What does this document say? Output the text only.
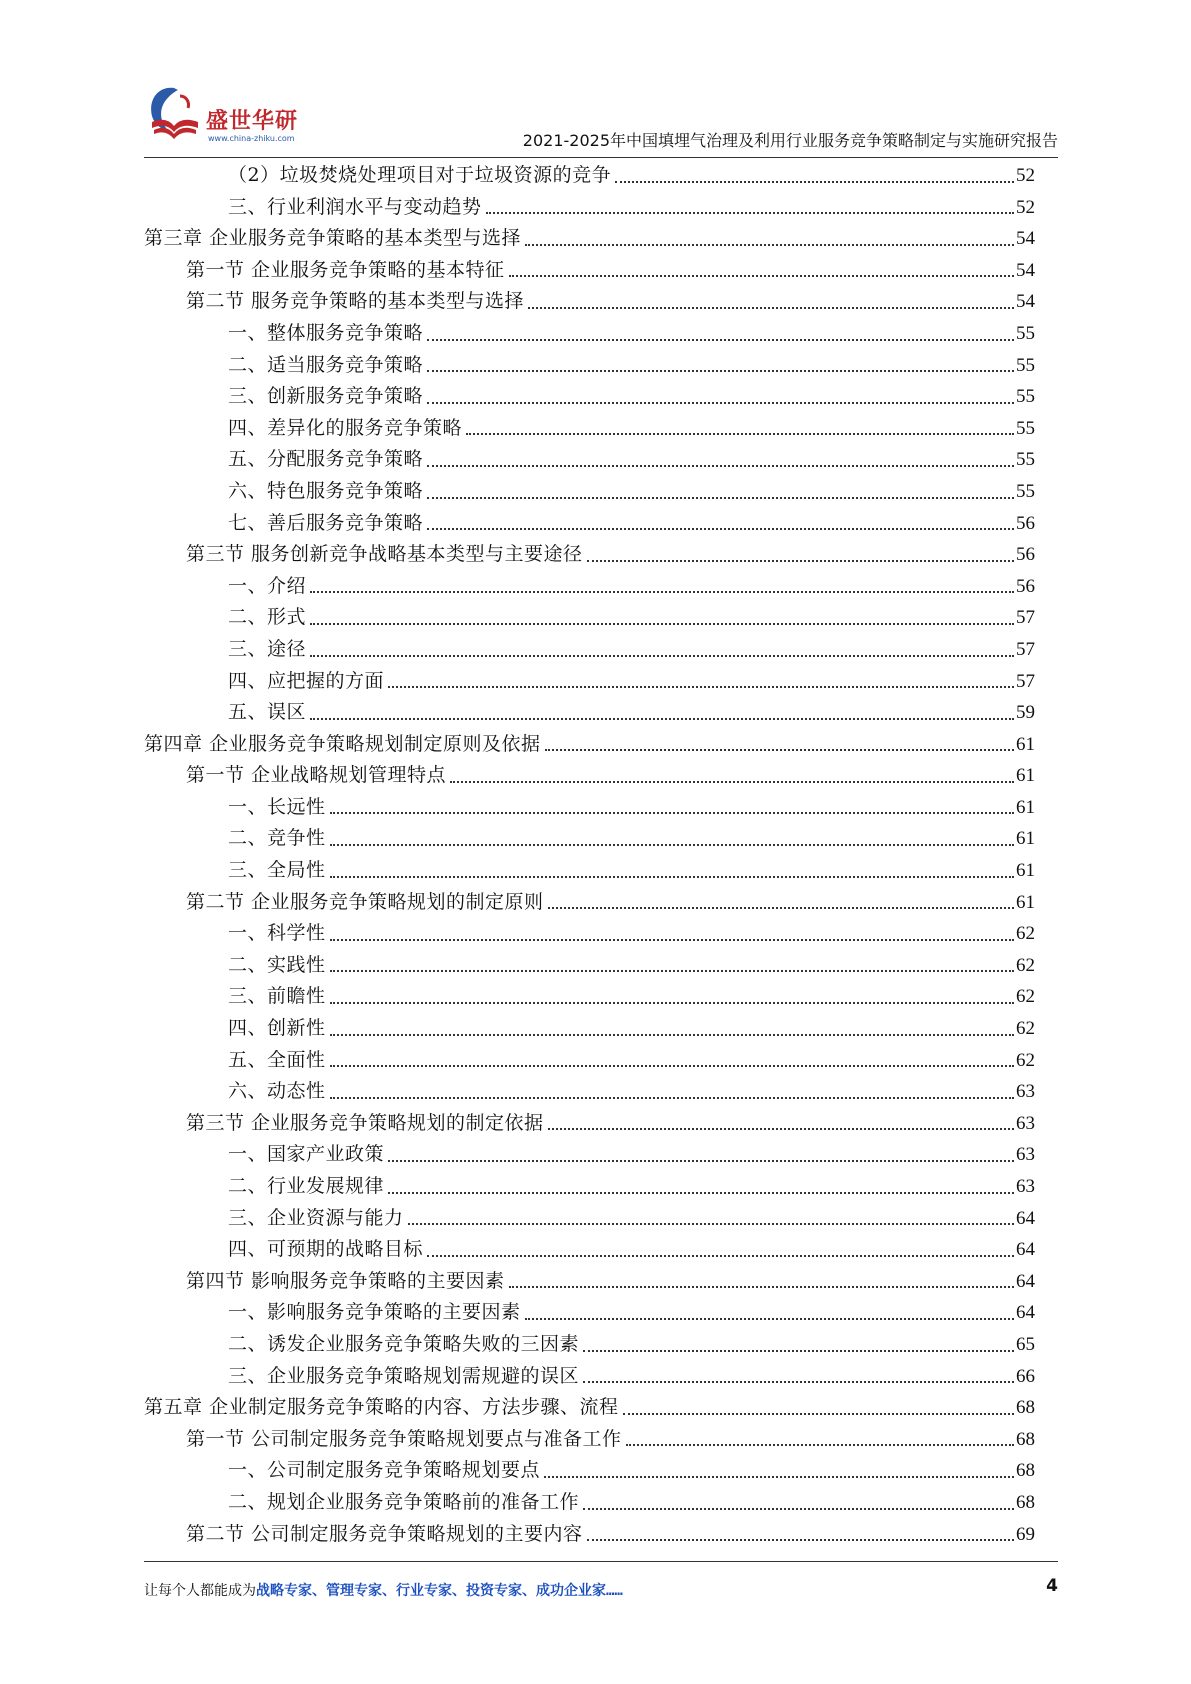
盛世华研
www.china-zhiku.com	2021-2025年中国填埋气治理及利用行业服务竞争策略制定与实施研究报告
（2）垃圾焚烧处理项目对于垃圾资源的竞争	52
三、行业利润水平与变动趋势	52
第三章 企业服务竞争策略的基本类型与选择	54
第一节 企业服务竞争策略的基本特征	54
第二节 服务竞争策略的基本类型与选择	54
一、整体服务竞争策略	55
二、适当服务竞争策略	55
三、创新服务竞争策略	55
四、差异化的服务竞争策略	55
五、分配服务竞争策略	55
六、特色服务竞争策略	55
七、善后服务竞争策略	56
第三节 服务创新竞争战略基本类型与主要途径	56
一、介绍	56
二、形式	57
三、途径	57
四、应把握的方面	57
五、误区	59
第四章 企业服务竞争策略规划制定原则及依据	61
第一节 企业战略规划管理特点	61
一、长远性	61
二、竞争性	61
三、全局性	61
第二节 企业服务竞争策略规划的制定原则	61
一、科学性	62
二、实践性	62
三、前瞻性	62
四、创新性	62
五、全面性	62
六、动态性	63
第三节 企业服务竞争策略规划的制定依据	63
一、国家产业政策	63
二、行业发展规律	63
三、企业资源与能力	64
四、可预期的战略目标	64
第四节 影响服务竞争策略的主要因素	64
一、影响服务竞争策略的主要因素	64
二、诱发企业服务竞争策略失败的三因素	65
三、企业服务竞争策略规划需规避的误区	66
第五章 企业制定服务竞争策略的内容、方法步骤、流程	68
第一节 公司制定服务竞争策略规划要点与准备工作	68
一、公司制定服务竞争策略规划要点	68
二、规划企业服务竞争策略前的准备工作	68
第二节 公司制定服务竞争策略规划的主要内容	69
让每个人都能成为战略专家、管理专家、行业专家、投资专家、成功企业家……	4
